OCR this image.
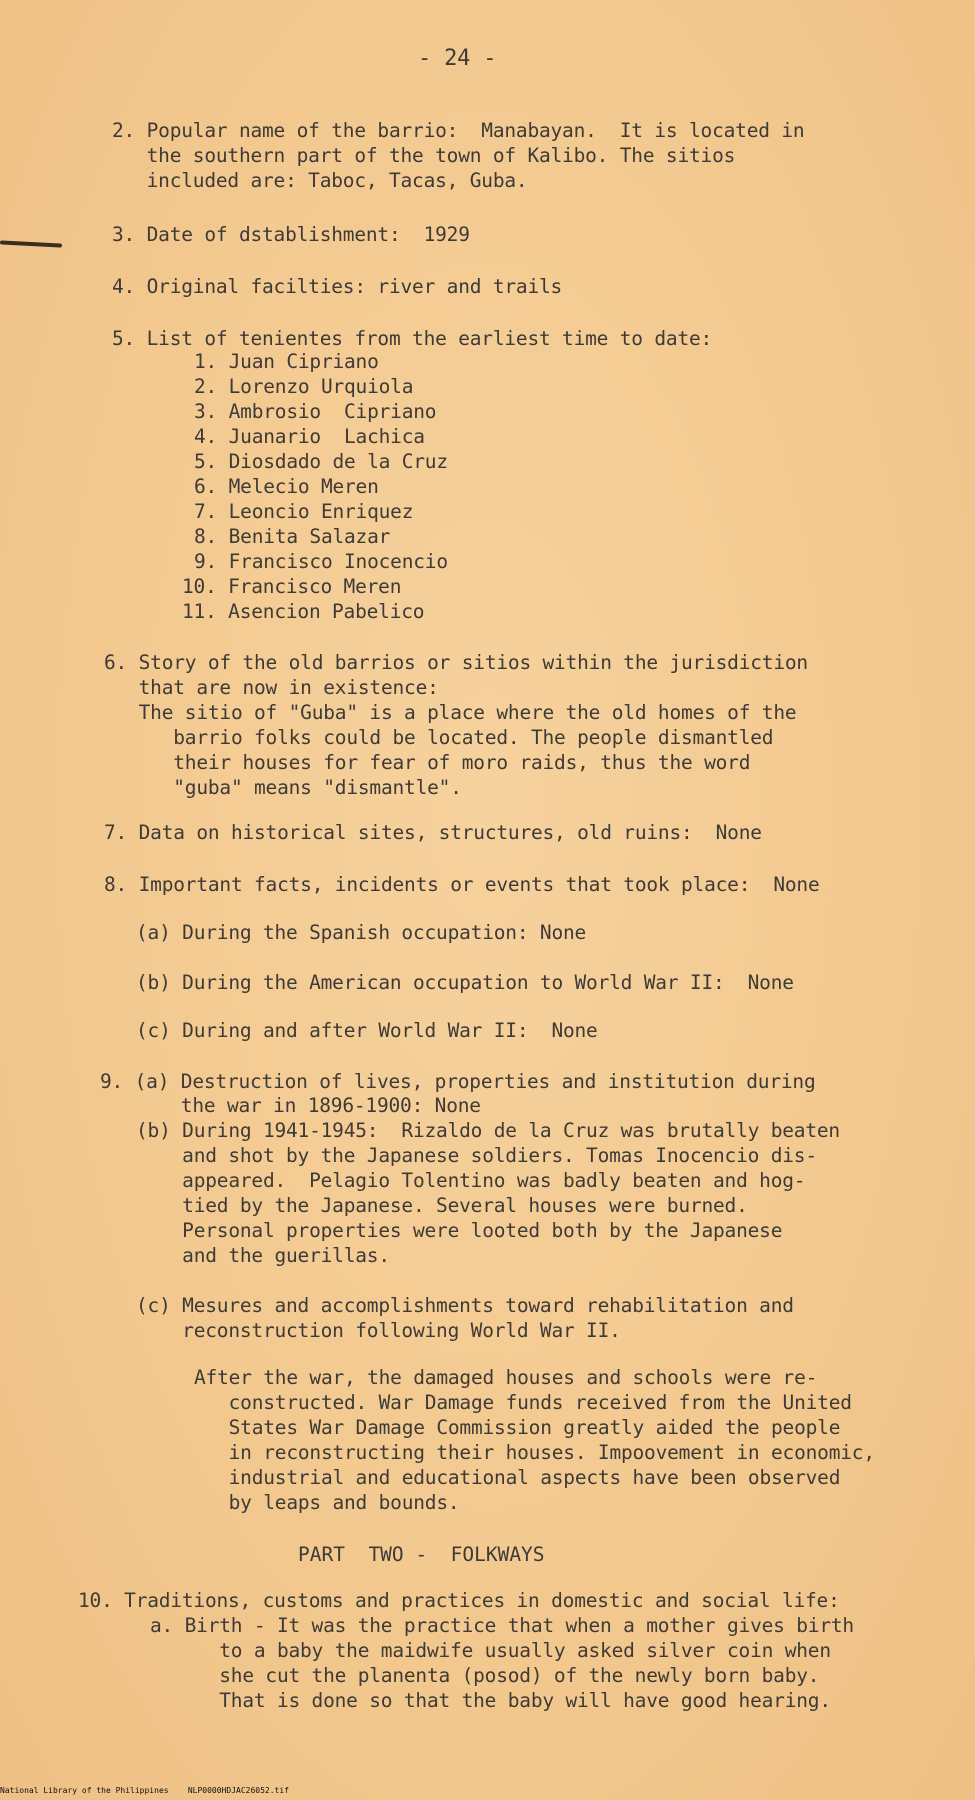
- 24 -
2. Popular name of the barrio:  Manabayan.  It is located in
the southern part of the town of Kalibo. The sitios
included are: Taboc, Tacas, Guba.
3. Date of dstablishment:  1929
4. Original facilties: river and trails
5. List of tenientes from the earliest time to date:
1. Juan Cipriano
2. Lorenzo Urquiola
3. Ambrosio  Cipriano
4. Juanario  Lachica
5. Diosdado de la Cruz
6. Melecio Meren
7. Leoncio Enriquez
8. Benita Salazar
9. Francisco Inocencio
10. Francisco Meren
11. Asencion Pabelico
6. Story of the old barrios or sitios within the jurisdiction
that are now in existence:
The sitio of "Guba" is a place where the old homes of the
barrio folks could be located. The people dismantled
their houses for fear of moro raids, thus the word
"guba" means "dismantle".
7. Data on historical sites, structures, old ruins:  None
8. Important facts, incidents or events that took place:  None
(a) During the Spanish occupation: None
(b) During the American occupation to World War II:  None
(c) During and after World War II:  None
9. (a) Destruction of lives, properties and institution during
the war in 1896-1900: None
(b) During 1941-1945:  Rizaldo de la Cruz was brutally beaten
and shot by the Japanese soldiers. Tomas Inocencio dis-
appeared.  Pelagio Tolentino was badly beaten and hog-
tied by the Japanese. Several houses were burned.
Personal properties were looted both by the Japanese
and the guerillas.
(c) Mesures and accomplishments toward rehabilitation and
reconstruction following World War II.
After the war, the damaged houses and schools were re-
constructed. War Damage funds received from the United
States War Damage Commission greatly aided the people
in reconstructing their houses. Impoovement in economic,
industrial and educational aspects have been observed
by leaps and bounds.
PART  TWO -  FOLKWAYS
10. Traditions, customs and practices in domestic and social life:
a. Birth - It was the practice that when a mother gives birth
to a baby the maidwife usually asked silver coin when
she cut the planenta (posod) of the newly born baby.
That is done so that the baby will have good hearing.
National Library of the Philippines    NLP0000HDJAC26052.tif
